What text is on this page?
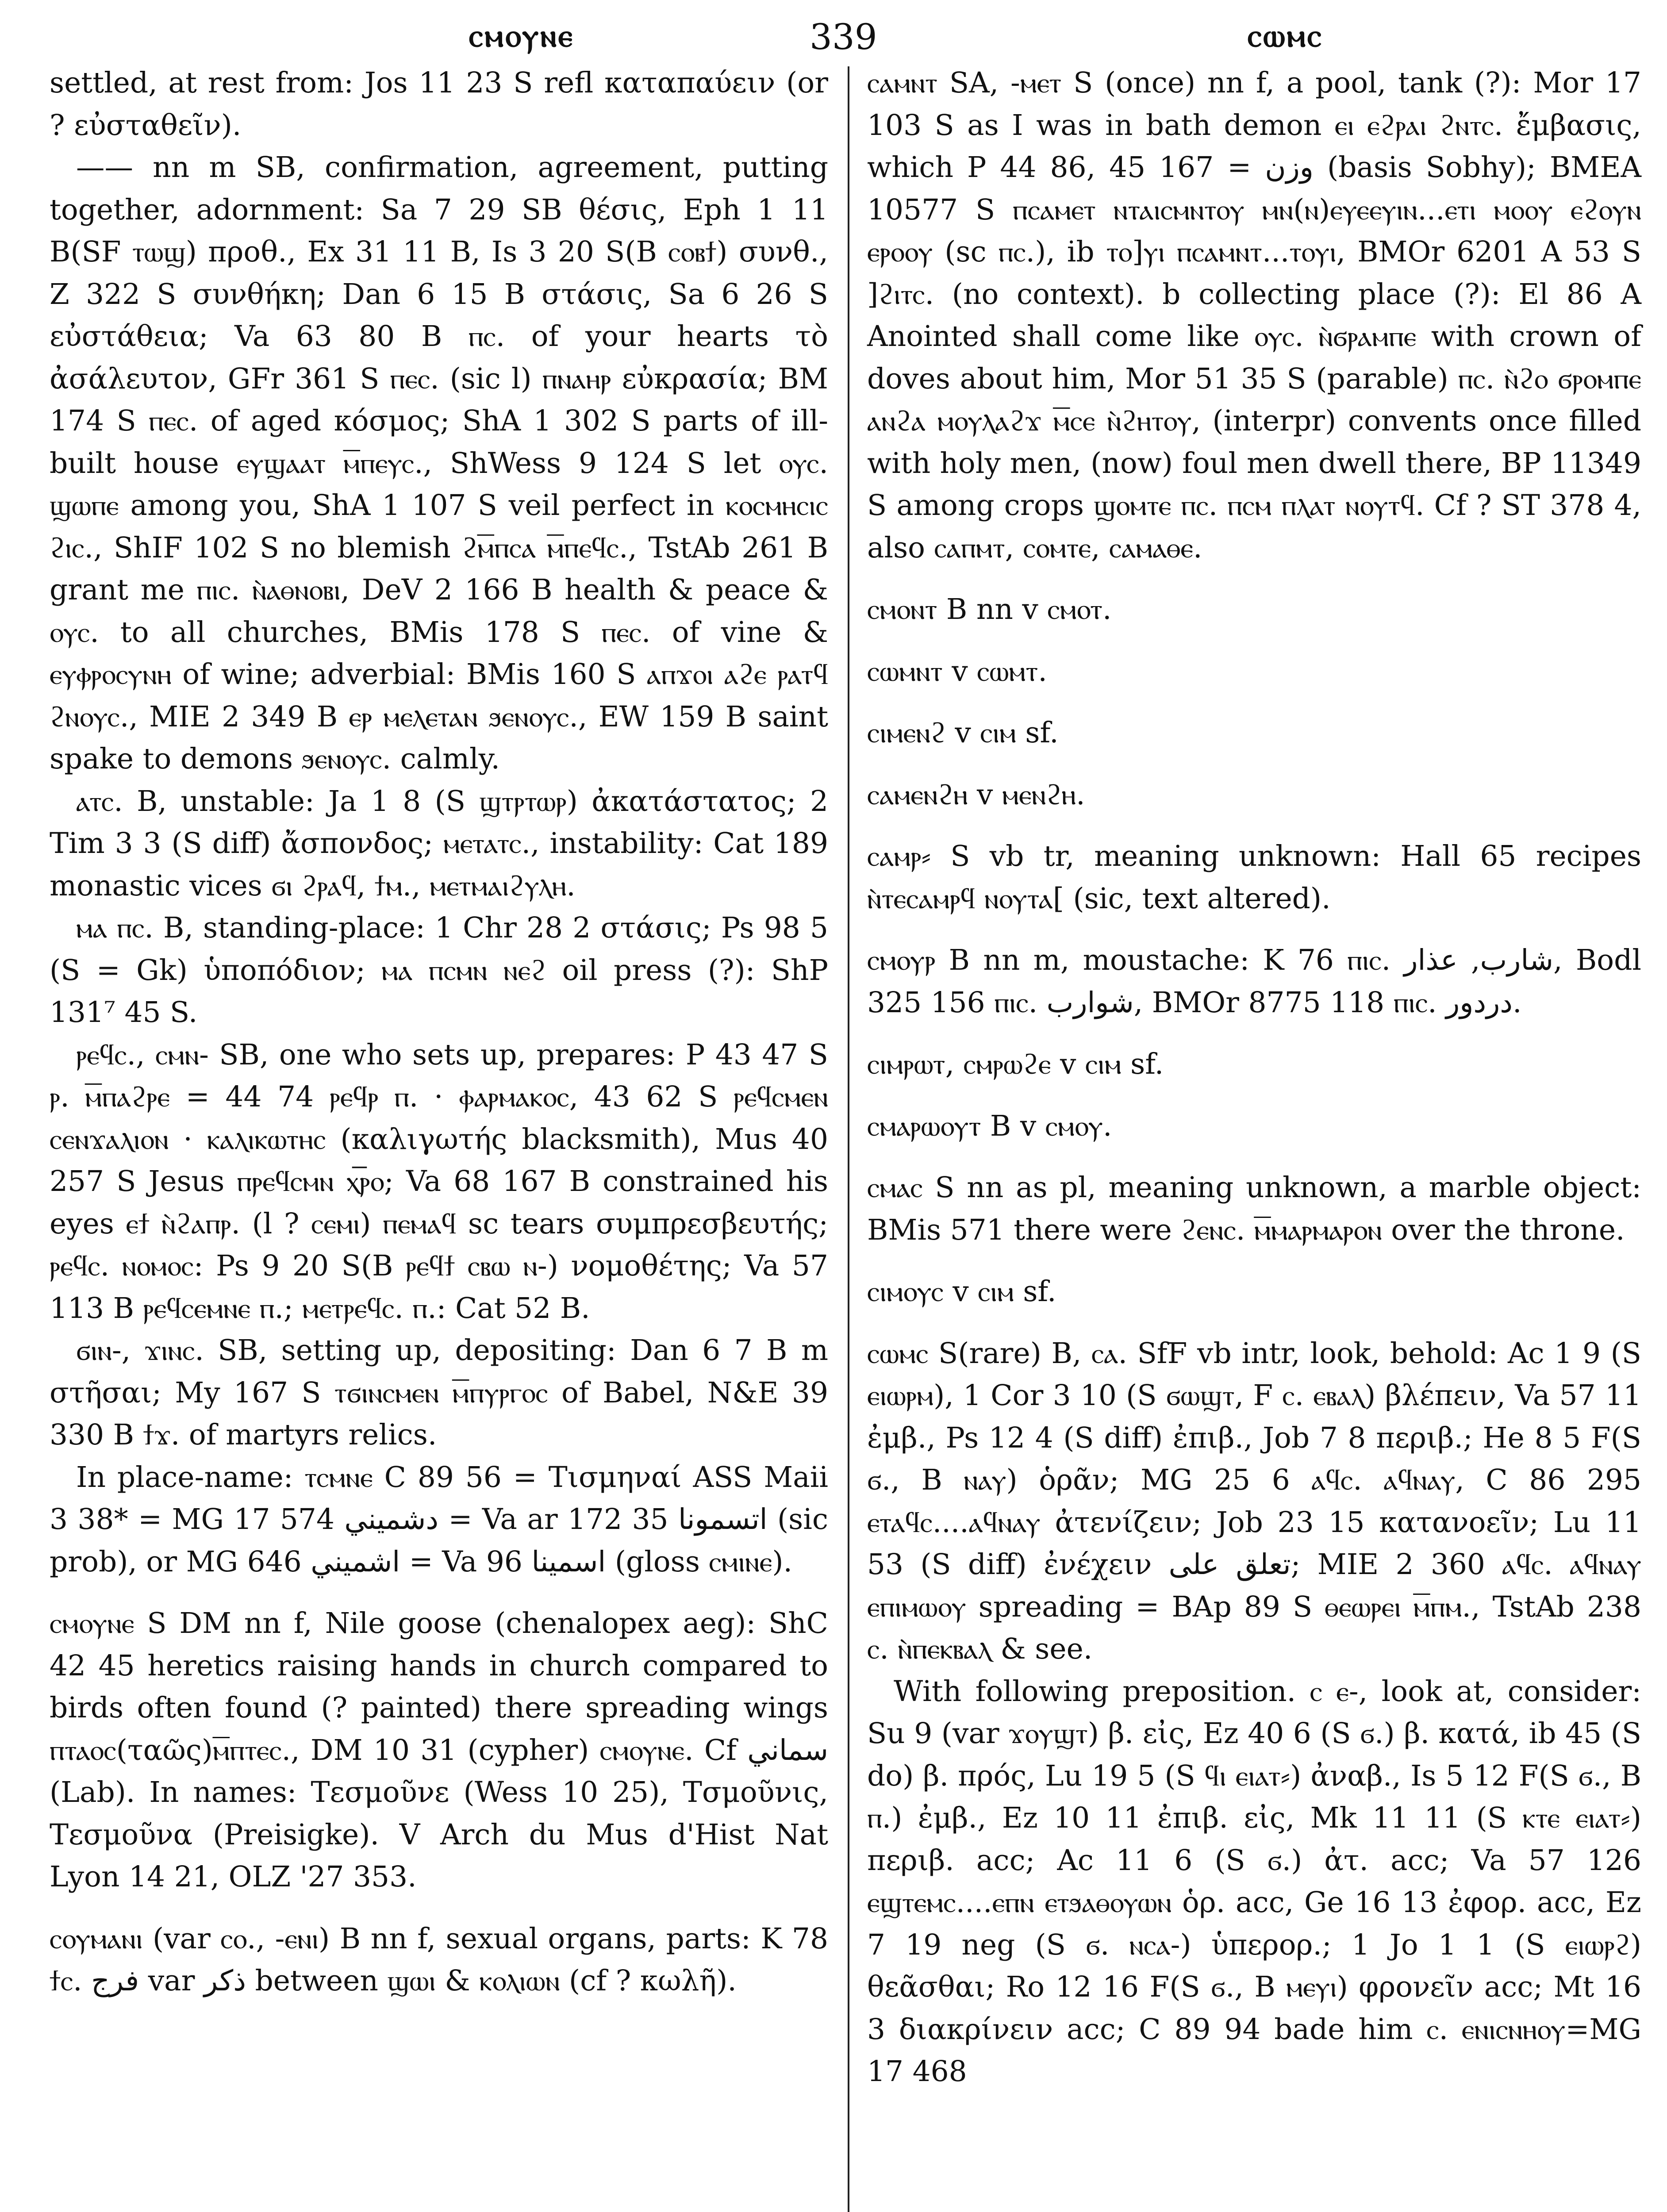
ⲥⲙⲟⲩⲛⲉ	339	ⲥⲱⲙⲥ

settled, at rest from: Jos 11 23 S refl καταπαύειν (or ? εὐσταθεῖν).

—— nn m SB, confirmation, agreement, putting together, adornment: Sa 7 29 SB θέσις, Eph 1 11 B(SF ⲧⲱϣ) προθ., Ex 31 11 B, Is 3 20 S(B ⲥⲟⲃϯ) συνθ., Z 322 S συνθήκη; Dan 6 15 B στάσις, Sa 6 26 S εὐστάθεια; Va 63 80 B ⲡⲥ. of your hearts τὸ ἀσάλευτον, GFr 361 S ⲡⲉⲥ. (sic l) ⲡⲛⲁⲏⲣ εὐκρασία; BM 174 S ⲡⲉⲥ. of aged κόσμος; ShA 1 302 S parts of ill-built house ⲉⲩϣⲁⲁⲧ ⲙ̅ⲡⲉⲩⲥ., ShWess 9 124 S let ⲟⲩⲥ. ϣⲱⲡⲉ among you, ShA 1 107 S veil perfect in ⲕⲟⲥⲙⲏⲥⲓⲥ ϩⲓⲥ., ShIF 102 S no blemish ϩⲙ̅ⲡⲥⲁ ⲙ̅ⲡⲉϥⲥ., TstAb 261 B grant me ⲡⲓⲥ. ⲛ̀ⲁⲑⲛⲟⲃⲓ, DeV 2 166 B health & peace & ⲟⲩⲥ. to all churches, BMis 178 S ⲡⲉⲥ. of vine & ⲉⲩⲫⲣⲟⲥⲩⲛⲏ of wine; adverbial: BMis 160 S ⲁⲡϫⲟⲓ ⲁϩⲉ ⲣⲁⲧϥ ϩⲛⲟⲩⲥ., MIE 2 349 B ⲉⲣ ⲙⲉⲗⲉⲧⲁⲛ ϧⲉⲛⲟⲩⲥ., EW 159 B saint spake to demons ϧⲉⲛⲟⲩⲥ. calmly.

ⲁⲧⲥ. B, unstable: Ja 1 8 (S ϣⲧⲣⲧⲱⲣ) ἀκατάστατος; 2 Tim 3 3 (S diff) ἄσπονδος; ⲙⲉⲧⲁⲧⲥ., instability: Cat 189 monastic vices ϭⲓ ϩⲣⲁϥ, ϯⲙ., ⲙⲉⲧⲙⲁⲓϩⲩⲗⲏ.

ⲙⲁ ⲡⲥ. B, standing-place: 1 Chr 28 2 στάσις; Ps 98 5 (S = Gk) ὑποπόδιον; ⲙⲁ ⲡⲥⲙⲛ ⲛⲉϩ oil press (?): ShP 131⁷ 45 S.

ⲣⲉϥⲥ., ⲥⲙⲛ- SB, one who sets up, prepares: P 43 47 S ⲣ. ⲙ̅ⲡⲁϩⲣⲉ = 44 74 ⲣⲉϥⲣ ⲡ. · ⲫⲁⲣⲙⲁⲕⲟⲥ, 43 62 S ⲣⲉϥⲥⲙⲉⲛ ⲥⲉⲛϫⲁⲗⲓⲟⲛ · ⲕⲁⲗⲓⲕⲱⲧⲏⲥ (καλιγωτής blacksmith), Mus 40 257 S Jesus ⲡⲣⲉϥⲥⲙⲛ ⲭ︤ⲣ︥ⲟ; Va 68 167 B constrained his eyes ⲉϯ ⲛ̀ϩⲁⲡⲣ. (l ? ⲥⲉⲙⲓ) ⲡⲉⲙⲁϥ sc tears συμπρεσβευτής; ⲣⲉϥⲥ. ⲛⲟⲙⲟⲥ: Ps 9 20 S(B ⲣⲉϥϯ ⲥⲃⲱ ⲛ-) νομοθέτης; Va 57 113 B ⲣⲉϥⲥⲉⲙⲛⲉ ⲡ.; ⲙⲉⲧⲣⲉϥⲥ. ⲡ.: Cat 52 B.

ϭⲓⲛ-, ϫⲓⲛⲥ. SB, setting up, depositing: Dan 6 7 B m στῆσαι; My 167 S ⲧϭⲓⲛⲥⲙⲉⲛ ⲙ̅ⲡⲩⲣⲅⲟⲥ of Babel, N&E 39 330 B ϯϫ. of martyrs relics.

In place-name: ⲧⲥⲙⲛⲉ C 89 56 = Τισμηναί ASS Maii 3 38* = MG 17 574 دشميني = Va ar 172 35 اتسمونا (sic prob), or MG 646 اشميني = Va 96 اسمينا (gloss ⲥⲙⲓⲛⲉ).

ⲥⲙⲟⲩⲛⲉ S DM nn f, Nile goose (chenalopex aeg): ShC 42 45 heretics raising hands in church compared to birds often found (? painted) there spreading wings ⲡⲧⲁⲟⲥ(ταῶς)ⲙ̅ⲡⲧⲉⲥ., DM 10 31 (cypher) ⲥⲙⲟⲩⲛⲉ. Cf سماني (Lab). In names: Τεσμοῦνε (Wess 10 25), Τσμοῦνις, Τεσμοῦνα (Preisigke). V Arch du Mus d'Hist Nat Lyon 14 21, OLZ '27 353.

ⲥⲟⲩⲙⲁⲛⲓ (var ⲥⲟ., -ⲉⲛⲓ) B nn f, sexual organs, parts: K 78 ϯⲥ. فرج var ذكر between ϣⲱⲓ & ⲕⲟⲗⲓⲱⲛ (cf ? κωλῆ).

ⲥⲁⲙⲛⲧ SA, -ⲙⲉⲧ S (once) nn f, a pool, tank (?): Mor 17 103 S as I was in bath demon ⲉⲓ ⲉϩⲣⲁⲓ ϩⲛⲧⲥ. ἔμβασις, which P 44 86, 45 167 = وزن (basis Sobhy); BMEA 10577 S ⲡⲥⲁⲙⲉⲧ ⲛⲧⲁⲓⲥⲙⲛⲧⲟⲩ ⲙⲛ(ⲛ)ⲉⲩⲉⲉⲩⲓⲛ...ⲉⲧⲓ ⲙⲟⲟⲩ ⲉϩⲟⲩⲛ ⲉⲣⲟⲟⲩ (sc ⲡⲥ.), ib ⲧⲟ]ⲩⲓ ⲡⲥⲁⲙⲛⲧ...ⲧⲟⲩⲓ, BMOr 6201 A 53 S ]ϩⲓⲧⲥ. (no context). b collecting place (?): El 86 A Anointed shall come like ⲟⲩⲥ. ⲛ̀ϭⲣⲁⲙⲡⲉ with crown of doves about him, Mor 51 35 S (parable) ⲡⲥ. ⲛ̀ϩⲟ ϭⲣⲟⲙⲡⲉ ⲁⲛϩⲁ ⲙⲟⲩⲗⲁϩϫ ⲙ̅ⲥⲉ ⲛ̀ϩⲏⲧⲟⲩ, (interpr) convents once filled with holy men, (now) foul men dwell there, BP 11349 S among crops ϣⲟⲙⲧⲉ ⲡⲥ. ⲡⲥⲙ ⲡⲗⲁⲧ ⲛⲟⲩⲧϥ. Cf ? ST 378 4, also ⲥⲁⲡⲙⲧ, ⲥⲟⲙⲧⲉ, ⲥⲁⲙⲁⲑⲉ.

ⲥⲙⲟⲛⲧ B nn v ⲥⲙⲟⲧ.

ⲥⲱⲙⲛⲧ v ⲥⲱⲙⲧ.

ⲥⲓⲙⲉⲛϩ v ⲥⲓⲙ sf.

ⲥⲁⲙⲉⲛϩⲏ v ⲙⲉⲛϩⲏ.

ⲥⲁⲙⲣ⸗ S vb tr, meaning unknown: Hall 65 recipes ⲛ̀ⲧⲉⲥⲁⲙⲣϥ ⲛⲟⲩⲧⲁ[ (sic, text altered).

ⲥⲙⲟⲩⲣ B nn m, moustache: K 76 ⲡⲓⲥ. شارب, عذار, Bodl 325 156 ⲡⲓⲥ. شوارب, BMOr 8775 118 ⲡⲓⲥ. دردور.

ⲥⲓⲙⲣⲱⲧ, ⲥⲙⲣⲱϩⲉ v ⲥⲓⲙ sf.

ⲥⲙⲁⲣⲱⲟⲩⲧ B v ⲥⲙⲟⲩ.

ⲥⲙⲁⲥ S nn as pl, meaning unknown, a marble object: BMis 571 there were ϩⲉⲛⲥ. ⲙ̅ⲙⲁⲣⲙⲁⲣⲟⲛ over the throne.

ⲥⲓⲙⲟⲩⲥ v ⲥⲓⲙ sf.

ⲥⲱⲙⲥ S(rare) B, ⲥⲁ. SfF vb intr, look, behold: Ac 1 9 (S ⲉⲓⲱⲣⲙ), 1 Cor 3 10 (S ϭⲱϣⲧ, F ⲥ. ⲉⲃⲁⲗ) βλέπειν, Va 57 11 ἐμβ., Ps 12 4 (S diff) ἐπιβ., Job 7 8 περιβ.; He 8 5 F(S ϭ., B ⲛⲁⲩ) ὁρᾶν; MG 25 6 ⲁϥⲥ. ⲁϥⲛⲁⲩ, C 86 295 ⲉⲧⲁϥⲥ....ⲁϥⲛⲁⲩ ἀτενίζειν; Job 23 15 κατανοεῖν; Lu 11 53 (S diff) ἐνέχειν تعلق على; MIE 2 360 ⲁϥⲥ. ⲁϥⲛⲁⲩ ⲉⲡⲓⲙⲱⲟⲩ spreading = BAp 89 S ⲑⲉⲱⲣⲉⲓ ⲙ̅ⲡⲙ., TstAb 238 ⲥ. ⲛ̀ⲡⲉⲕⲃⲁⲗ & see.

With following preposition. ⲥ ⲉ-, look at, consider: Su 9 (var ϫⲟⲩϣⲧ) β. εἰς, Ez 40 6 (S ϭ.) β. κατά, ib 45 (S do) β. πρός, Lu 19 5 (S ϥⲓ ⲉⲓⲁⲧ⸗) ἀναβ., Is 5 12 F(S ϭ., B ⲡ.) ἐμβ., Ez 10 11 ἐπιβ. εἰς, Mk 11 11 (S ⲕⲧⲉ ⲉⲓⲁⲧ⸗) περιβ. acc; Ac 11 6 (S ϭ.) ἀτ. acc; Va 57 126 ⲉϣⲧⲉⲙⲥ....ⲉⲡⲛ ⲉⲧϧⲁⲑⲟⲩⲱⲛ ὁρ. acc, Ge 16 13 ἐφορ. acc, Ez 7 19 neg (S ϭ. ⲛⲥⲁ-) ὑπερορ.; 1 Jo 1 1 (S ⲉⲓⲱⲣϩ) θεᾶσθαι; Ro 12 16 F(S ϭ., B ⲙⲉⲩⲓ) φρονεῖν acc; Mt 16 3 διακρίνειν acc; C 89 94 bade him ⲥ. ⲉⲛⲓⲥⲛⲏⲟⲩ=MG 17 468
